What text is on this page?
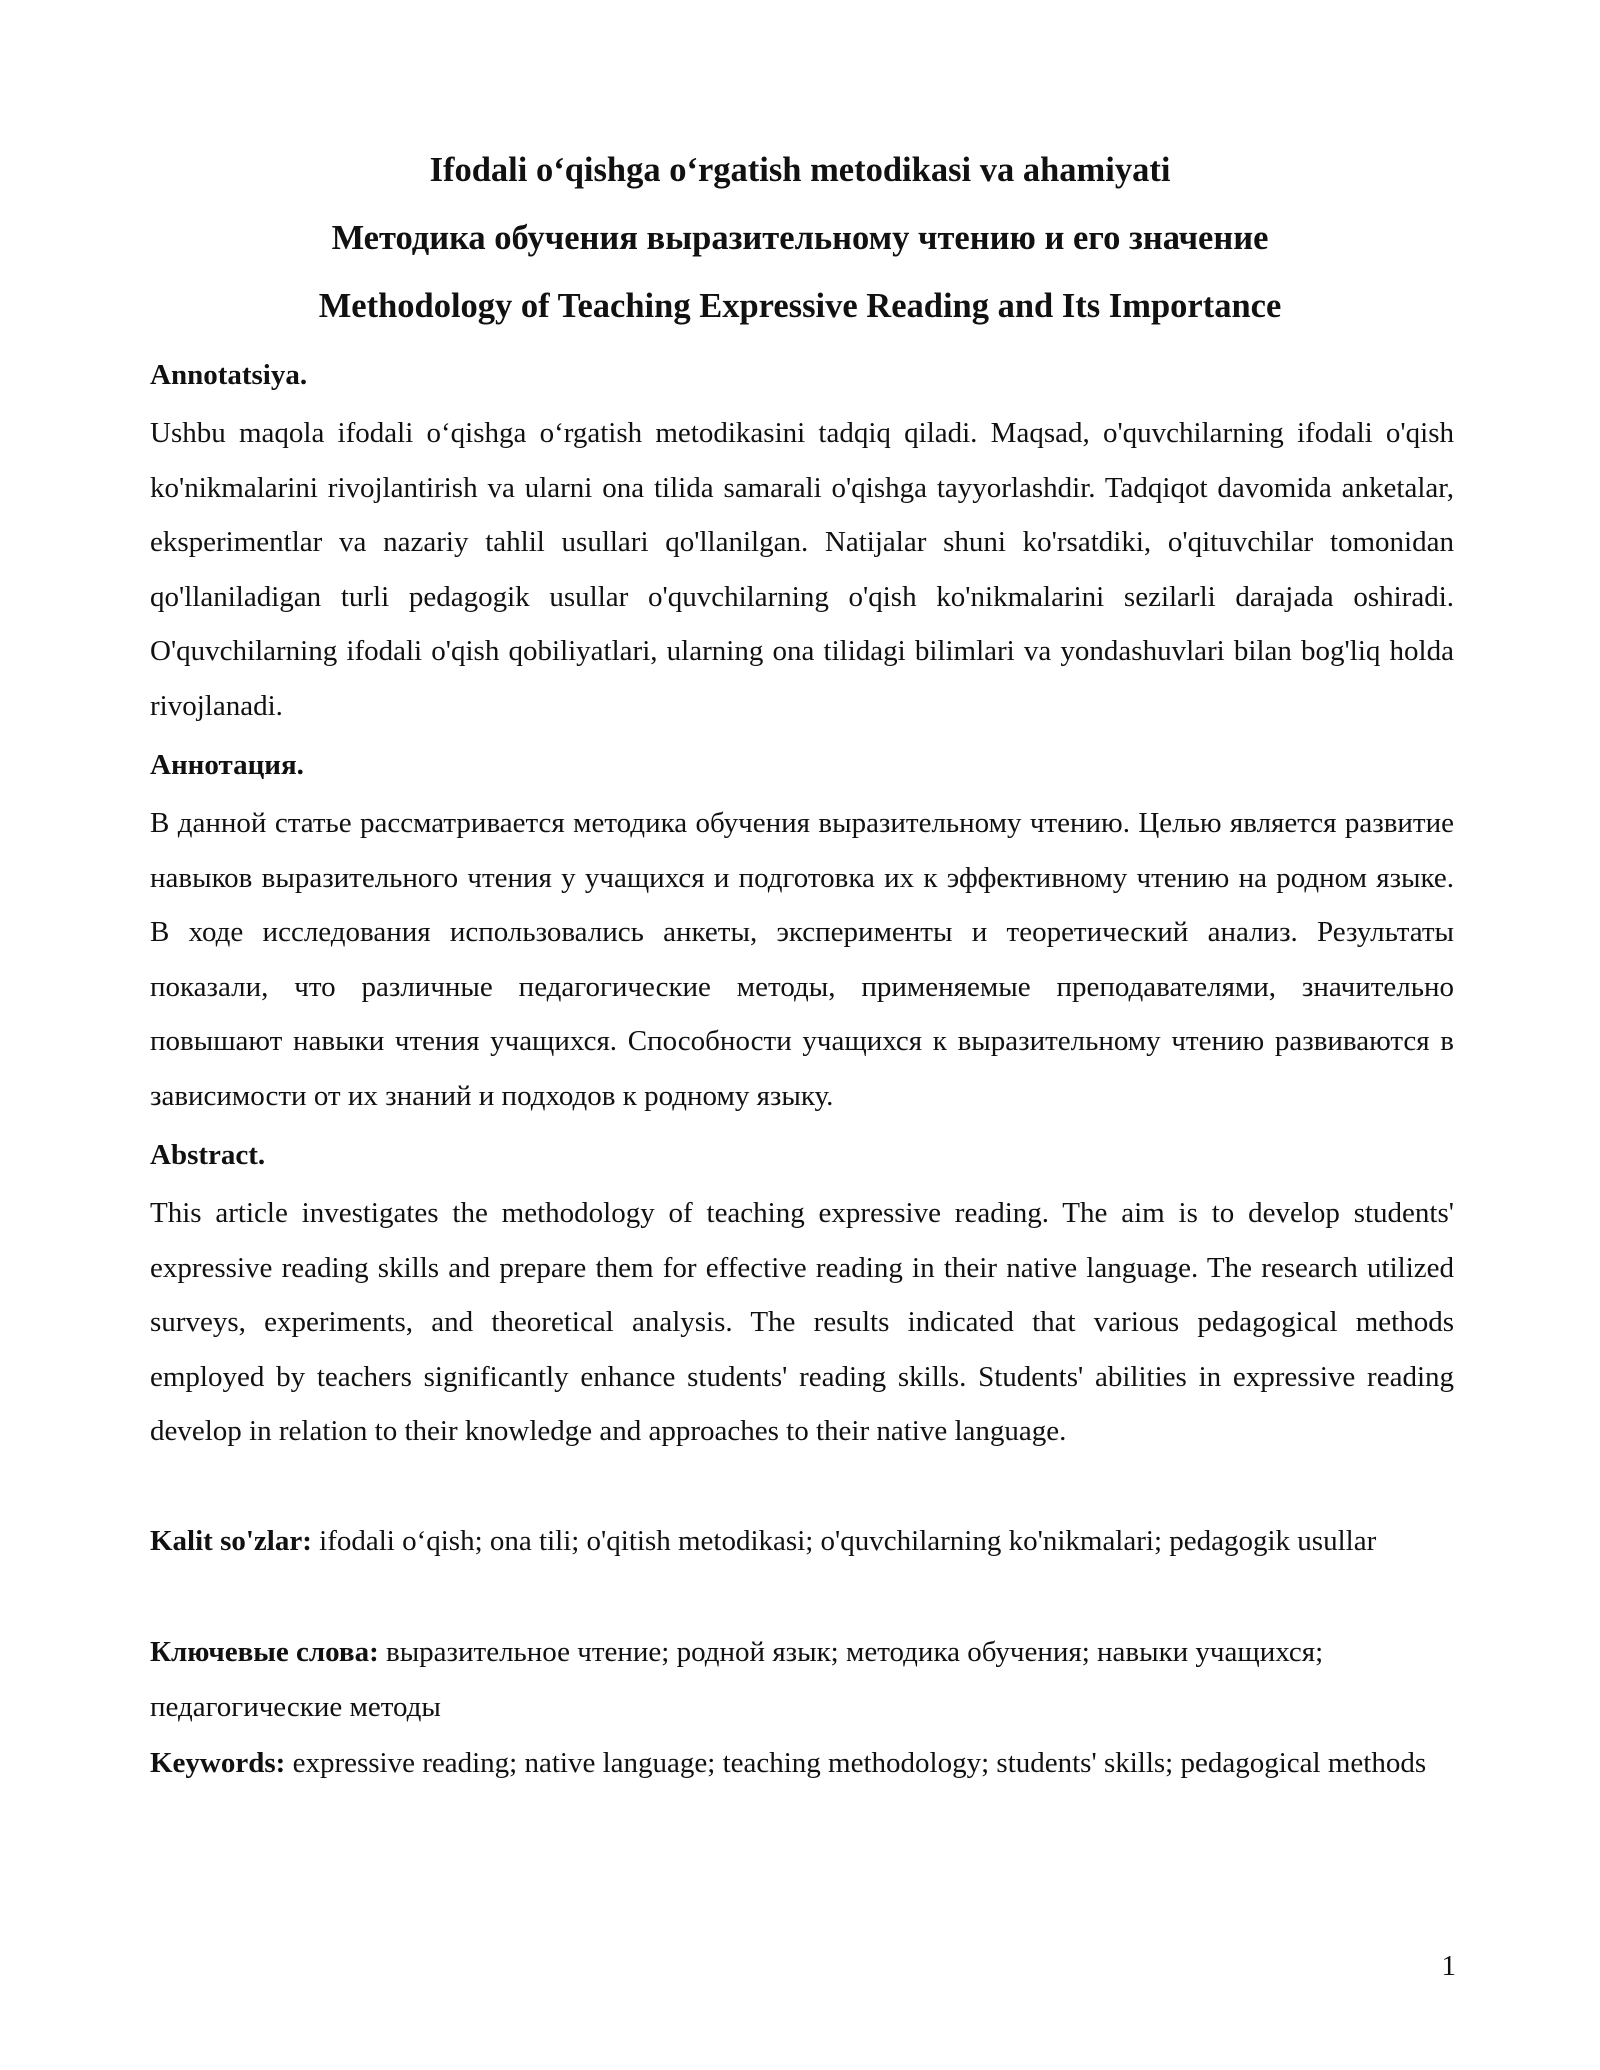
Ifodali o‘qishga o‘rgatish metodikasi va ahamiyati
Методика обучения выразительному чтению и его значение
Methodology of Teaching Expressive Reading and Its Importance
Annotatsiya.

Ushbu maqola ifodali o‘qishga o‘rgatish metodikasini tadqiq qiladi. Maqsad, o'quvchilarning ifodali o'qish ko'nikmalarini rivojlantirish va ularni ona tilida samarali o'qishga tayyorlashdir. Tadqiqot davomida anketalar, eksperimentlar va nazariy tahlil usullari qo'llanilgan. Natijalar shuni ko'rsatdiki, o'qituvchilar tomonidan qo'llaniladigan turli pedagogik usullar o'quvchilarning o'qish ko'nikmalarini sezilarli darajada oshiradi. O'quvchilarning ifodali o'qish qobiliyatlari, ularning ona tilidagi bilimlari va yondashuvlari bilan bog'liq holda rivojlanadi.

Аннотация.

В данной статье рассматривается методика обучения выразительному чтению. Целью является развитие навыков выразительного чтения у учащихся и подготовка их к эффективному чтению на родном языке. В ходе исследования использовались анкеты, эксперименты и теоретический анализ. Результаты показали, что различные педагогические методы, применяемые преподавателями, значительно повышают навыки чтения учащихся. Способности учащихся к выразительному чтению развиваются в зависимости от их знаний и подходов к родному языку.

Abstract.

This article investigates the methodology of teaching expressive reading. The aim is to develop students' expressive reading skills and prepare them for effective reading in their native language. The research utilized surveys, experiments, and theoretical analysis. The results indicated that various pedagogical methods employed by teachers significantly enhance students' reading skills. Students' abilities in expressive reading develop in relation to their knowledge and approaches to their native language.

Kalit so'zlar: ifodali o‘qish; ona tili; o'qitish metodikasi; o'quvchilarning ko'nikmalari; pedagogik usullar

Ключевые слова: выразительное чтение; родной язык; методика обучения; навыки учащихся; педагогические методы

Keywords: expressive reading; native language; teaching methodology; students' skills; pedagogical methods

1
